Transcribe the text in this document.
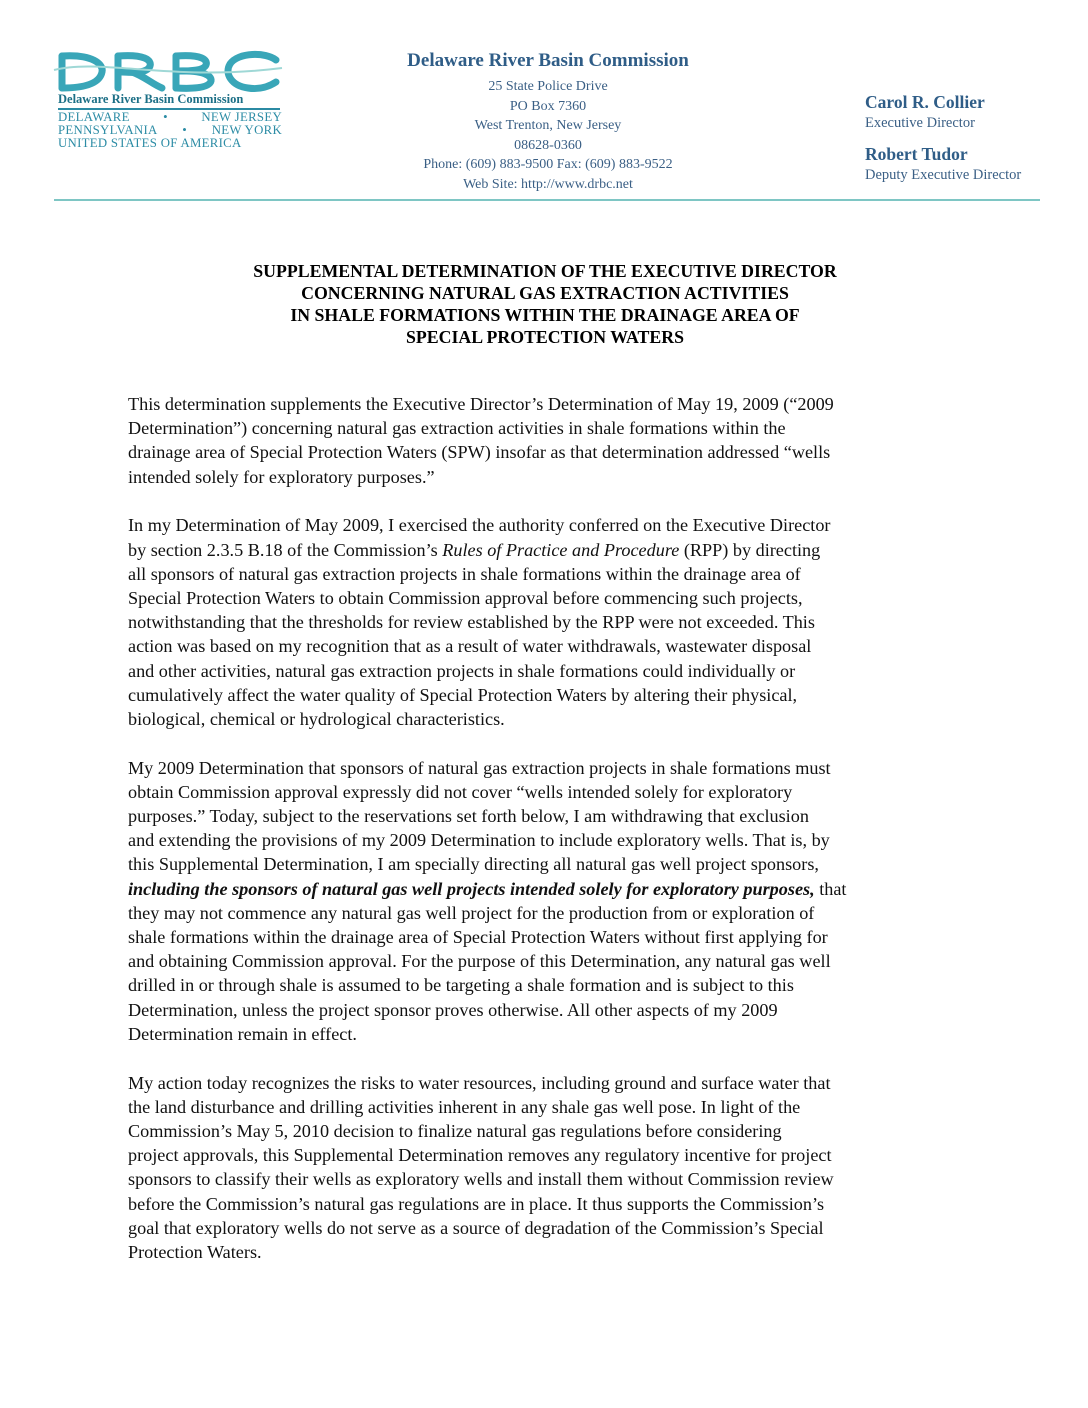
Delaware River Basin Commission
DELAWARE	•	NEW JERSEY
PENNSYLVANIA • NEW YORK
UNITED STATES OF AMERICA
Delaware River Basin Commission
25 State Police Drive
PO Box 7360
West Trenton, New Jersey
08628-0360
Phone: (609) 883-9500 Fax: (609) 883-9522
Web Site: http://www.drbc.net
Carol R. Collier
Executive Director
Robert Tudor
Deputy Executive Director
SUPPLEMENTAL DETERMINATION OF THE EXECUTIVE DIRECTOR
CONCERNING NATURAL GAS EXTRACTION ACTIVITIES
IN SHALE FORMATIONS WITHIN THE DRAINAGE AREA OF
SPECIAL PROTECTION WATERS

This determination supplements the Executive Director’s Determination of May 19, 2009 (“2009
Determination”) concerning natural gas extraction activities in shale formations within the
drainage area of Special Protection Waters (SPW) insofar as that determination addressed “wells
intended solely for exploratory purposes.”

In my Determination of May 2009, I exercised the authority conferred on the Executive Director
by section 2.3.5 B.18 of the Commission’s Rules of Practice and Procedure (RPP) by directing
all sponsors of natural gas extraction projects in shale formations within the drainage area of
Special Protection Waters to obtain Commission approval before commencing such projects,
notwithstanding that the thresholds for review established by the RPP were not exceeded. This
action was based on my recognition that as a result of water withdrawals, wastewater disposal
and other activities, natural gas extraction projects in shale formations could individually or
cumulatively affect the water quality of Special Protection Waters by altering their physical,
biological, chemical or hydrological characteristics.

My 2009 Determination that sponsors of natural gas extraction projects in shale formations must
obtain Commission approval expressly did not cover “wells intended solely for exploratory
purposes.” Today, subject to the reservations set forth below, I am withdrawing that exclusion
and extending the provisions of my 2009 Determination to include exploratory wells. That is, by
this Supplemental Determination, I am specially directing all natural gas well project sponsors,
including the sponsors of natural gas well projects intended solely for exploratory purposes, that
they may not commence any natural gas well project for the production from or exploration of
shale formations within the drainage area of Special Protection Waters without first applying for
and obtaining Commission approval. For the purpose of this Determination, any natural gas well
drilled in or through shale is assumed to be targeting a shale formation and is subject to this
Determination, unless the project sponsor proves otherwise. All other aspects of my 2009
Determination remain in effect.

My action today recognizes the risks to water resources, including ground and surface water that
the land disturbance and drilling activities inherent in any shale gas well pose. In light of the
Commission’s May 5, 2010 decision to finalize natural gas regulations before considering
project approvals, this Supplemental Determination removes any regulatory incentive for project
sponsors to classify their wells as exploratory wells and install them without Commission review
before the Commission’s natural gas regulations are in place. It thus supports the Commission’s
goal that exploratory wells do not serve as a source of degradation of the Commission’s Special
Protection Waters.
